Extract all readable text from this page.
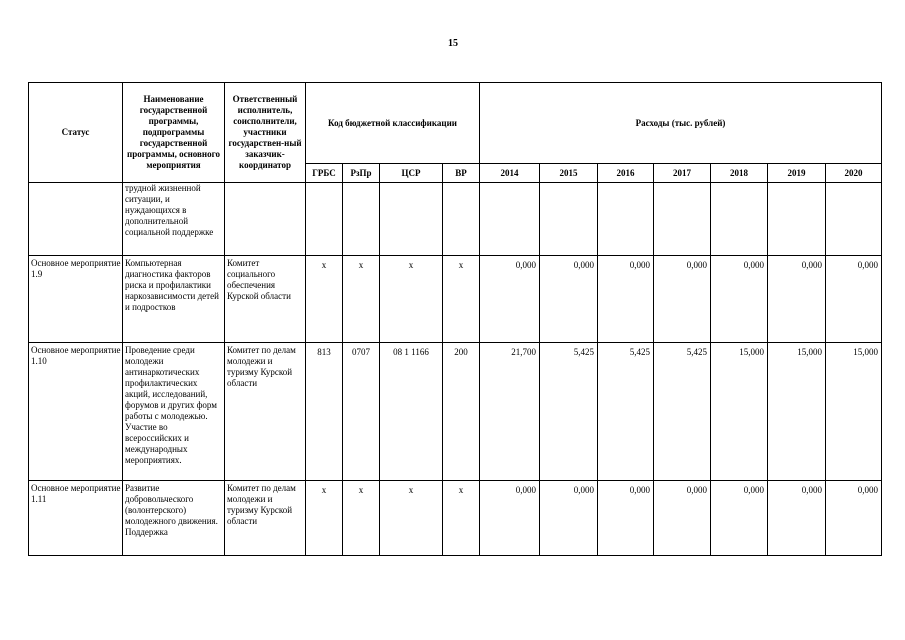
15
Статус	Наименование государственной программы, подпрограммы государственной программы, основного мероприятия	Ответственный исполнитель, соисполнители, участники государствен-ный заказчик-координатор	Код бюджетной классификации				Расходы (тыс. рублей)						
			ГРБС	РзПр	ЦСР	ВР	2014	2015	2016	2017	2018	2019	2020
	трудной жизненной ситуации, и нуждающихся в дополнительной социальной поддержке												
Основное мероприятие 1.9	Компьютерная диагностика факторов риска и профилактики наркозависимости детей и подростков	Комитет социального обеспечения Курской области	х	х	х	х	0,000	0,000	0,000	0,000	0,000	0,000	0,000
Основное мероприятие 1.10	Проведение среди молодежи антинаркотических профилактических акций, исследований, форумов и других форм работы с молодежью. Участие во всероссийских и международных мероприятиях.	Комитет по делам молодежи и туризму Курской области	813	0707	08 1 1166	200	21,700	5,425	5,425	5,425	15,000	15,000	15,000
Основное мероприятие 1.11	Развитие добровольческого (волонтерского) молодежного движения. Поддержка	Комитет по делам молодежи и туризму Курской области	х	х	х	х	0,000	0,000	0,000	0,000	0,000	0,000	0,000
